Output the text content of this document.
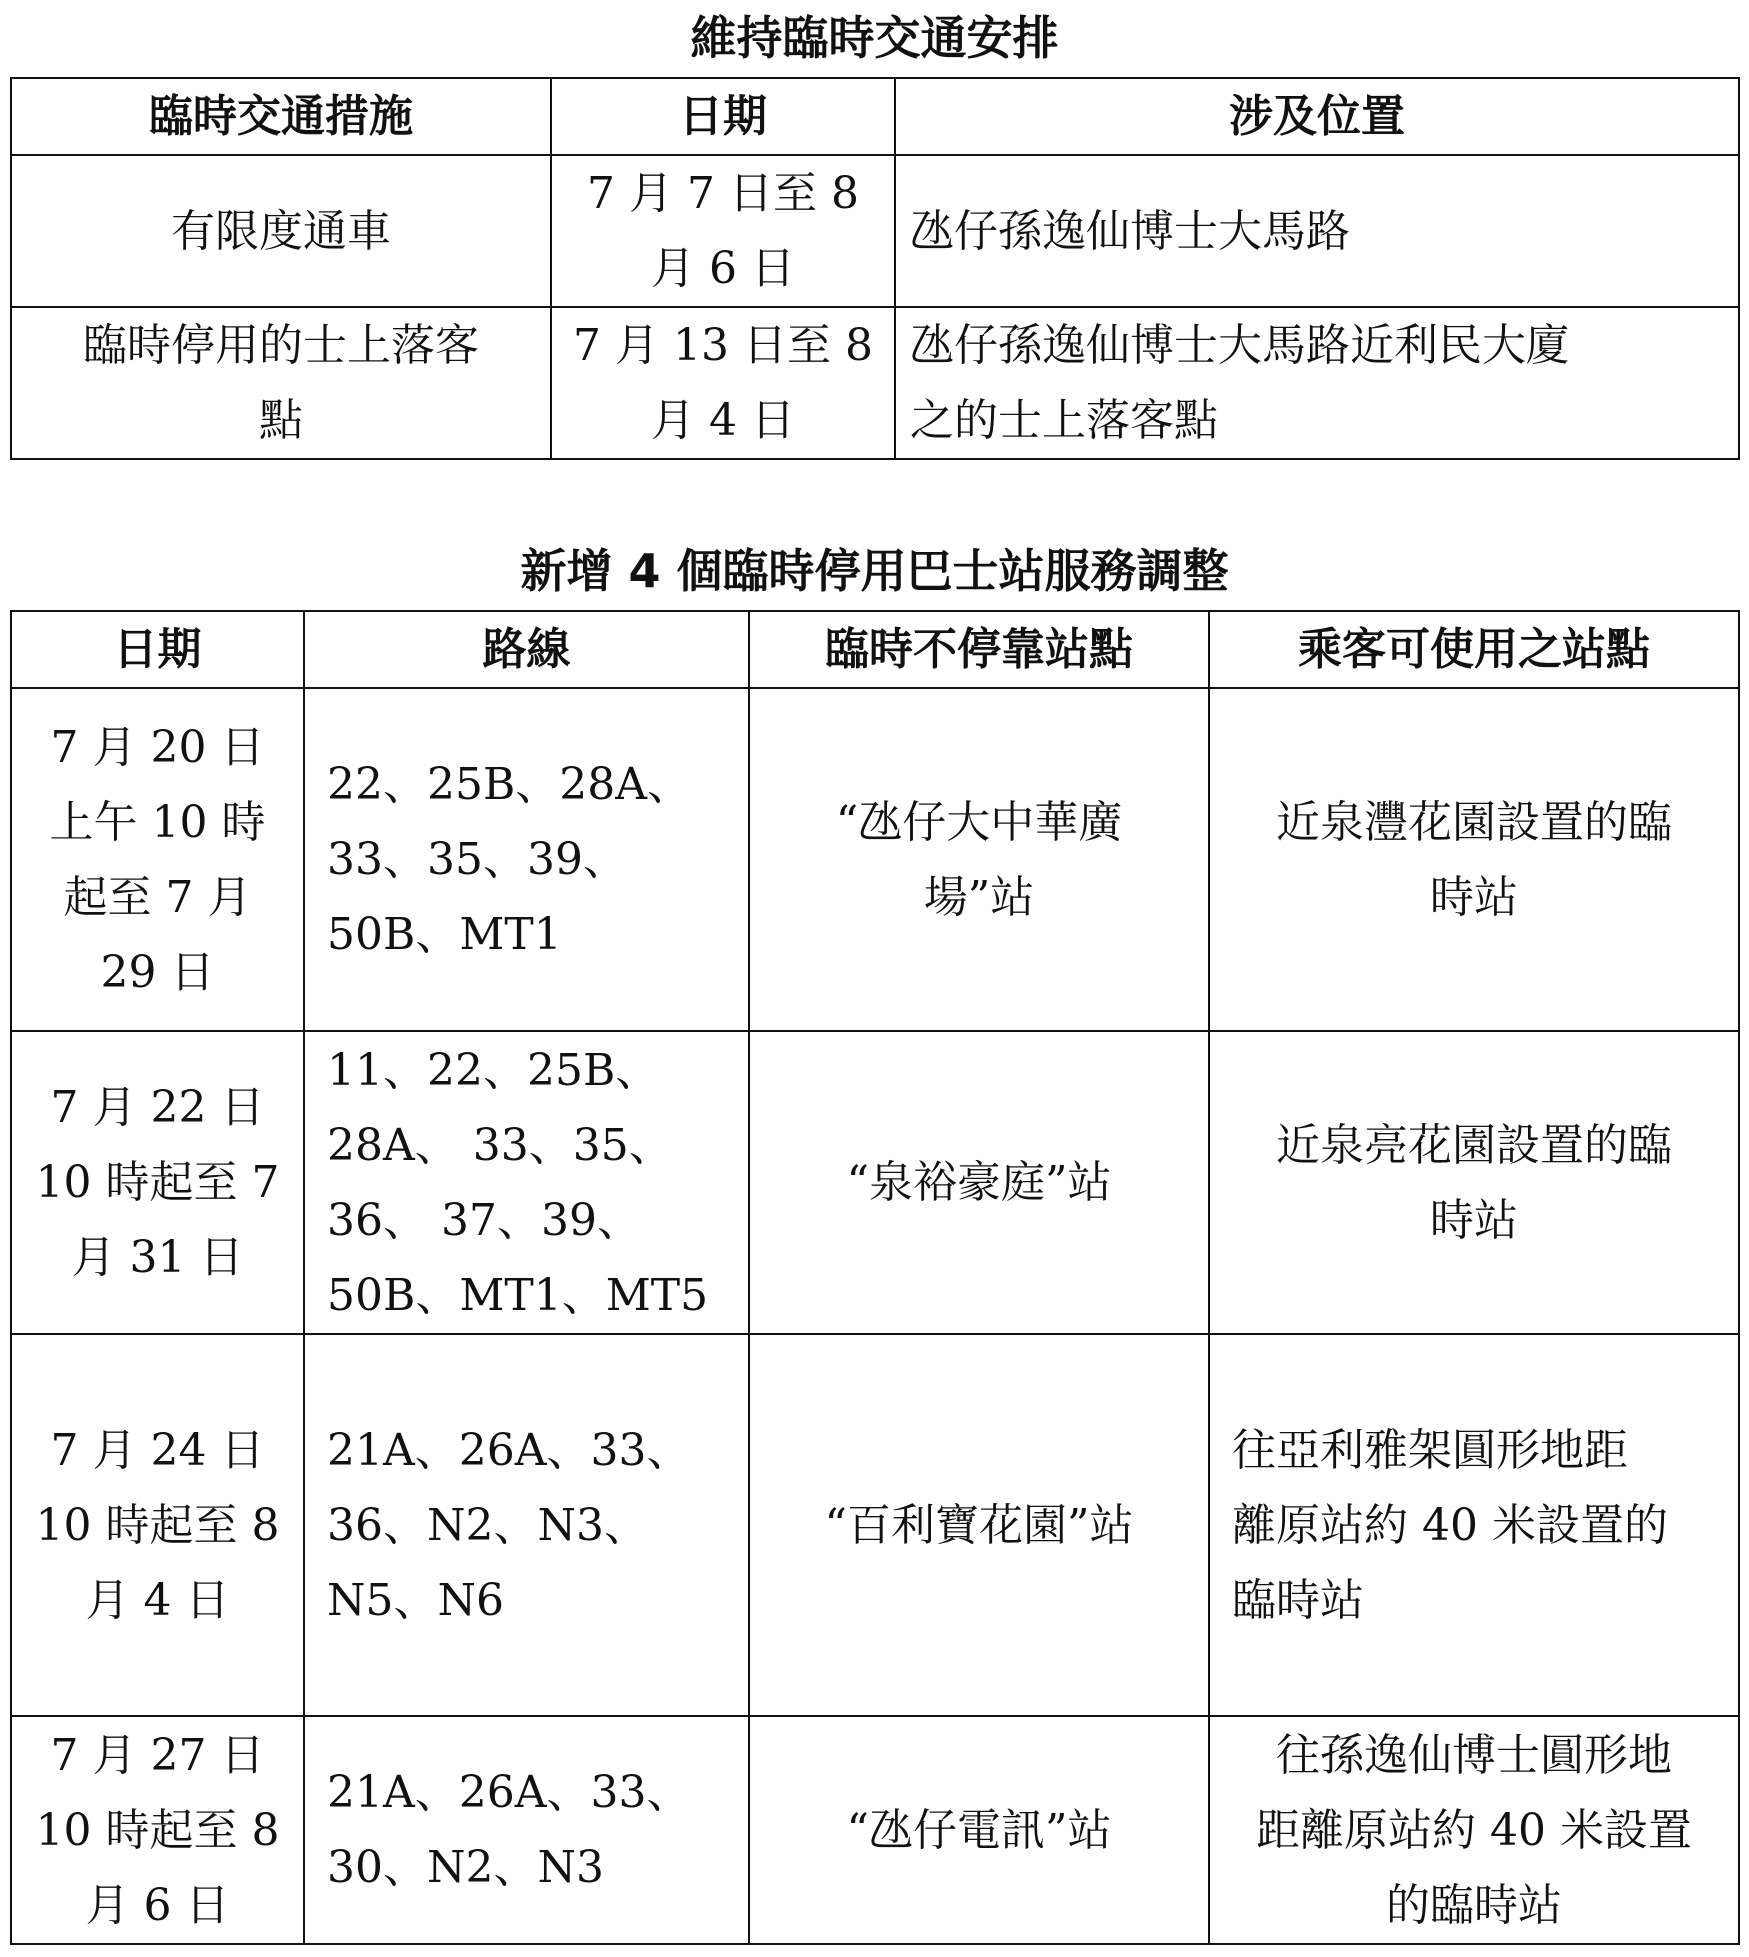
維持臨時交通安排
臨時交通措施	日期	涉及位置

有限度通車	7 月 7 日至 8
月 6 日	氹仔孫逸仙博士大馬路

臨時停用的士上落客
點	7 月 13 日至 8
月 4 日	氹仔孫逸仙博士大馬路近利民大廈
之的士上落客點
新增 4 個臨時停用巴士站服務調整
日期	路線	臨時不停靠站點	乘客可使用之站點

7 月 20 日
上午 10 時
起至 7 月
29 日	22、25B、28A、
33、35、39、
50B、MT1	“氹仔大中華廣
場”站	近泉灃花園設置的臨
時站

7 月 22 日
10 時起至 7
月 31 日	11、22、25B、
28A、 33、35、
36、 37、39、
50B、MT1、MT5	“泉裕豪庭”站	近泉亮花園設置的臨
時站

7 月 24 日
10 時起至 8
月 4 日	21A、26A、33、
36、N2、N3、
N5、N6	“百利寶花園”站	往亞利雅架圓形地距
離原站約 40 米設置的
臨時站

7 月 27 日
10 時起至 8
月 6 日	21A、26A、33、
30、N2、N3	“氹仔電訊”站	往孫逸仙博士圓形地
距離原站約 40 米設置
的臨時站
